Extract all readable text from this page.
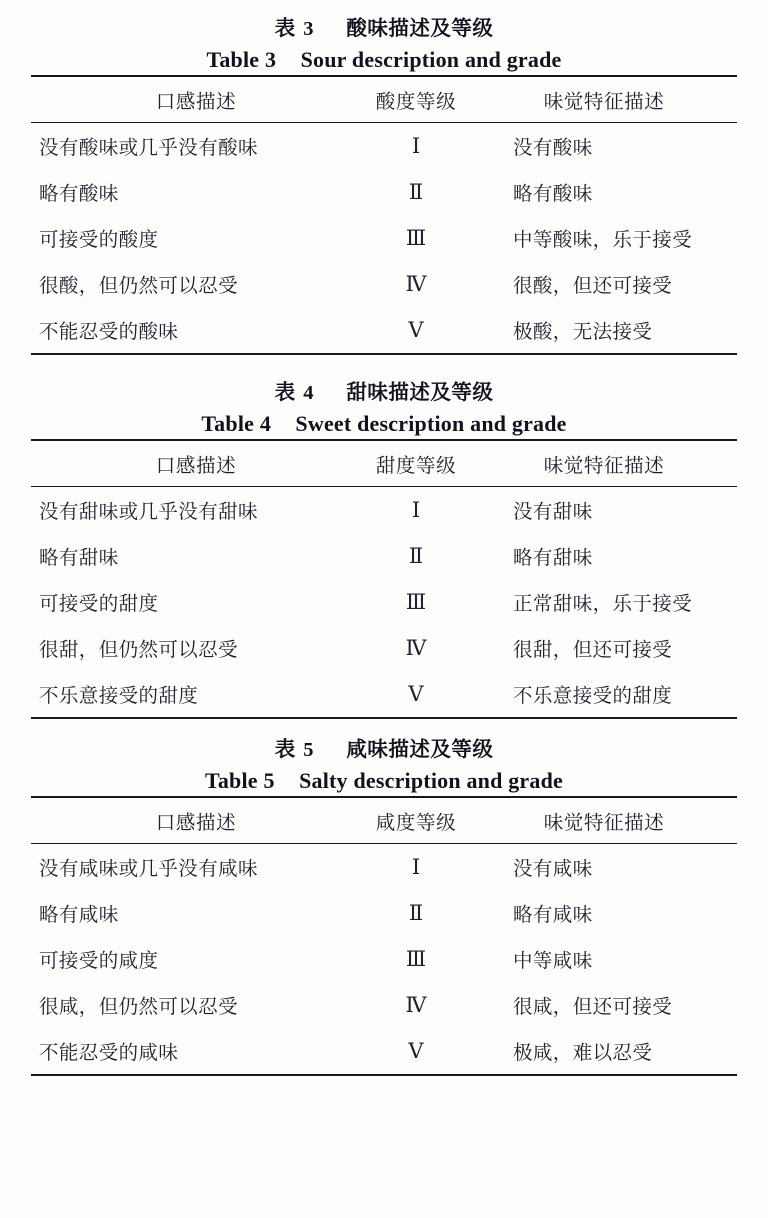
表 3 酸味描述及等级
Table 3 Sour description and grade
口感描述	酸度等级	味觉特征描述
没有酸味或几乎没有酸味	Ⅰ	没有酸味
略有酸味	Ⅱ	略有酸味
可接受的酸度	Ⅲ	中等酸味，乐于接受
很酸，但仍然可以忍受	Ⅳ	很酸，但还可接受
不能忍受的酸味	Ⅴ	极酸，无法接受
表 4 甜味描述及等级
Table 4 Sweet description and grade
口感描述	甜度等级	味觉特征描述
没有甜味或几乎没有甜味	Ⅰ	没有甜味
略有甜味	Ⅱ	略有甜味
可接受的甜度	Ⅲ	正常甜味，乐于接受
很甜，但仍然可以忍受	Ⅳ	很甜，但还可接受
不乐意接受的甜度	Ⅴ	不乐意接受的甜度
表 5 咸味描述及等级
Table 5 Salty description and grade
口感描述	咸度等级	味觉特征描述
没有咸味或几乎没有咸味	Ⅰ	没有咸味
略有咸味	Ⅱ	略有咸味
可接受的咸度	Ⅲ	中等咸味
很咸，但仍然可以忍受	Ⅳ	很咸，但还可接受
不能忍受的咸味	Ⅴ	极咸，难以忍受
